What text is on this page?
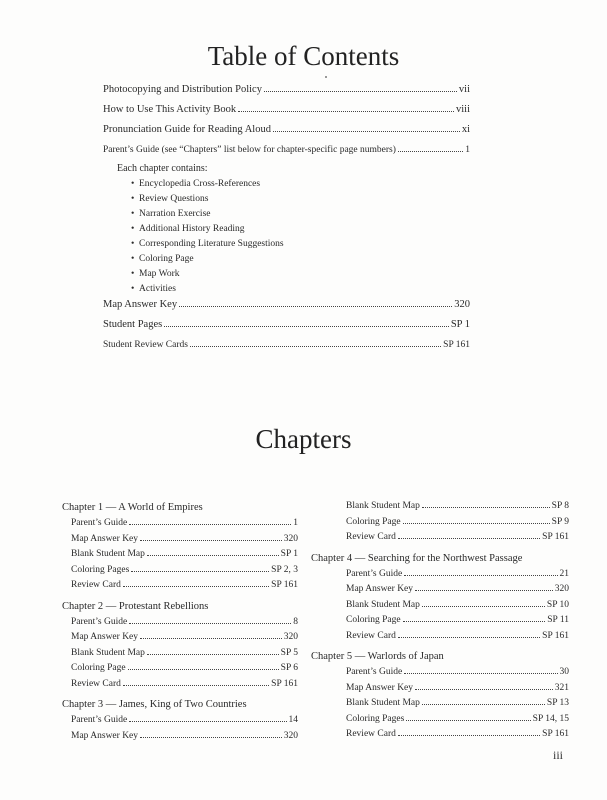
Table of Contents
Photocopying and Distribution Policy	vii
How to Use This Activity Book	viii
Pronunciation Guide for Reading Aloud	xi
Parent’s Guide (see “Chapters” list below for chapter-specific page numbers)	1
Each chapter contains:
• Encyclopedia Cross-References
• Review Questions
• Narration Exercise
• Additional History Reading
• Corresponding Literature Suggestions
• Coloring Page
• Map Work
• Activities
Map Answer Key	320
Student Pages	SP 1
Student Review Cards	SP 161
Chapters
Chapter 1 — A World of Empires
Parent’s Guide	1
Map Answer Key	320
Blank Student Map	SP 1
Coloring Pages	SP 2, 3
Review Card	SP 161
Chapter 2 — Protestant Rebellions
Parent’s Guide	8
Map Answer Key	320
Blank Student Map	SP 5
Coloring Page	SP 6
Review Card	SP 161
Chapter 3 — James, King of Two Countries
Parent’s Guide	14
Map Answer Key	320
Blank Student Map	SP 8
Coloring Page	SP 9
Review Card	SP 161
Chapter 4 — Searching for the Northwest Passage
Parent’s Guide	21
Map Answer Key	320
Blank Student Map	SP 10
Coloring Page	SP 11
Review Card	SP 161
Chapter 5 — Warlords of Japan
Parent’s Guide	30
Map Answer Key	321
Blank Student Map	SP 13
Coloring Pages	SP 14, 15
Review Card	SP 161
iii
